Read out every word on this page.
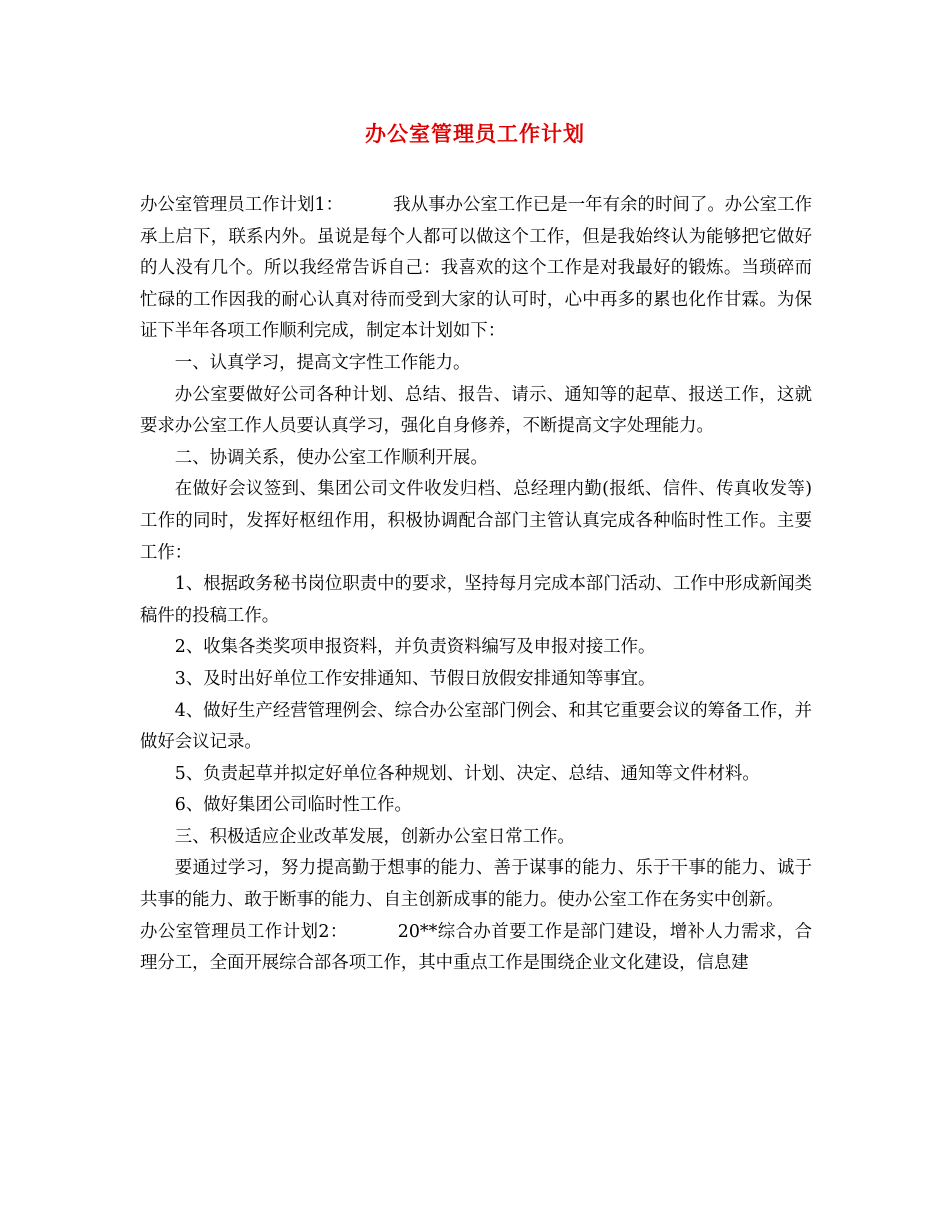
办公室管理员工作计划

办公室管理员工作计划1：	我从事办公室工作已是一年有余的时间了。办公室工作承上启下，联系内外。虽说是每个人都可以做这个工作，但是我始终认为能够把它做好的人没有几个。所以我经常告诉自己：我喜欢的这个工作是对我最好的锻炼。当琐碎而忙碌的工作因我的耐心认真对待而受到大家的认可时，心中再多的累也化作甘霖。为保证下半年各项工作顺利完成，制定本计划如下：

一、认真学习，提高文字性工作能力。

办公室要做好公司各种计划、总结、报告、请示、通知等的起草、报送工作，这就要求办公室工作人员要认真学习，强化自身修养，不断提高文字处理能力。

二、协调关系，使办公室工作顺利开展。

在做好会议签到、集团公司文件收发归档、总经理内勤(报纸、信件、传真收发等)工作的同时，发挥好枢纽作用，积极协调配合部门主管认真完成各种临时性工作。主要工作：

1、根据政务秘书岗位职责中的要求，坚持每月完成本部门活动、工作中形成新闻类稿件的投稿工作。

2、收集各类奖项申报资料，并负责资料编写及申报对接工作。

3、及时出好单位工作安排通知、节假日放假安排通知等事宜。

4、做好生产经营管理例会、综合办公室部门例会、和其它重要会议的筹备工作，并做好会议记录。

5、负责起草并拟定好单位各种规划、计划、决定、总结、通知等文件材料。

6、做好集团公司临时性工作。

三、积极适应企业改革发展，创新办公室日常工作。

要通过学习，努力提高勤于想事的能力、善于谋事的能力、乐于干事的能力、诚于共事的能力、敢于断事的能力、自主创新成事的能力。使办公室工作在务实中创新。

办公室管理员工作计划2：	20**综合办首要工作是部门建设，增补人力需求，合理分工，全面开展综合部各项工作，其中重点工作是围绕企业文化建设，信息建
